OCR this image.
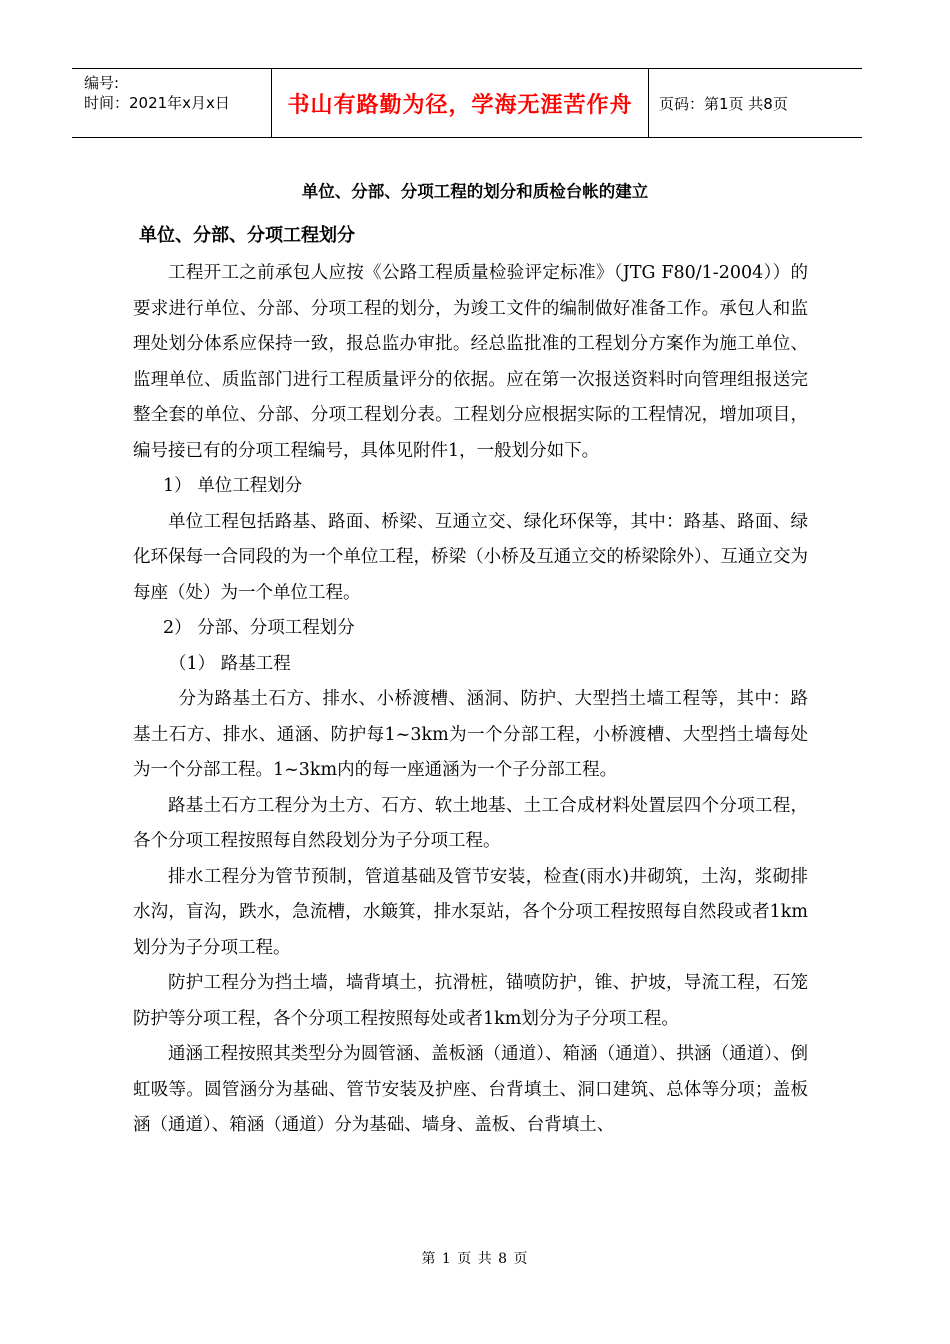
编号:
时间：2021年x月x日	书山有路勤为径，学海无涯苦作舟	页码：第1页 共8页
单位、分部、分项工程的划分和质检台帐的建立
单位、分部、分项工程划分

工程开工之前承包人应按《公路工程质量检验评定标准》（JTG F80/1-2004））的要求进行单位、分部、分项工程的划分，为竣工文件的编制做好准备工作。承包人和监理处划分体系应保持一致，报总监办审批。经总监批准的工程划分方案作为施工单位、监理单位、质监部门进行工程质量评分的依据。应在第一次报送资料时向管理组报送完整全套的单位、分部、分项工程划分表。工程划分应根据实际的工程情况，增加项目，编号接已有的分项工程编号，具体见附件1，一般划分如下。

1） 单位工程划分

单位工程包括路基、路面、桥梁、互通立交、绿化环保等，其中：路基、路面、绿化环保每一合同段的为一个单位工程，桥梁（小桥及互通立交的桥梁除外）、互通立交为每座（处）为一个单位工程。

2） 分部、分项工程划分

（1） 路基工程

分为路基土石方、排水、小桥渡槽、涵洞、防护、大型挡土墙工程等，其中：路基土石方、排水、通涵、防护每1~3km为一个分部工程，小桥渡槽、大型挡土墙每处为一个分部工程。1~3km内的每一座通涵为一个子分部工程。

路基土石方工程分为土方、石方、软土地基、土工合成材料处置层四个分项工程，各个分项工程按照每自然段划分为子分项工程。

排水工程分为管节预制，管道基础及管节安装，检查(雨水)井砌筑，土沟，浆砌排水沟，盲沟，跌水，急流槽，水簸箕，排水泵站，各个分项工程按照每自然段或者1km划分为子分项工程。

防护工程分为挡土墙，墙背填土，抗滑桩，锚喷防护，锥、护坡，导流工程，石笼防护等分项工程，各个分项工程按照每处或者1km划分为子分项工程。

通涵工程按照其类型分为圆管涵、盖板涵（通道）、箱涵（通道）、拱涵（通道）、倒虹吸等。圆管涵分为基础、管节安装及护座、台背填土、洞口建筑、总体等分项；盖板涵（通道）、箱涵（通道）分为基础、墙身、盖板、台背填土、

第 1 页 共 8 页
